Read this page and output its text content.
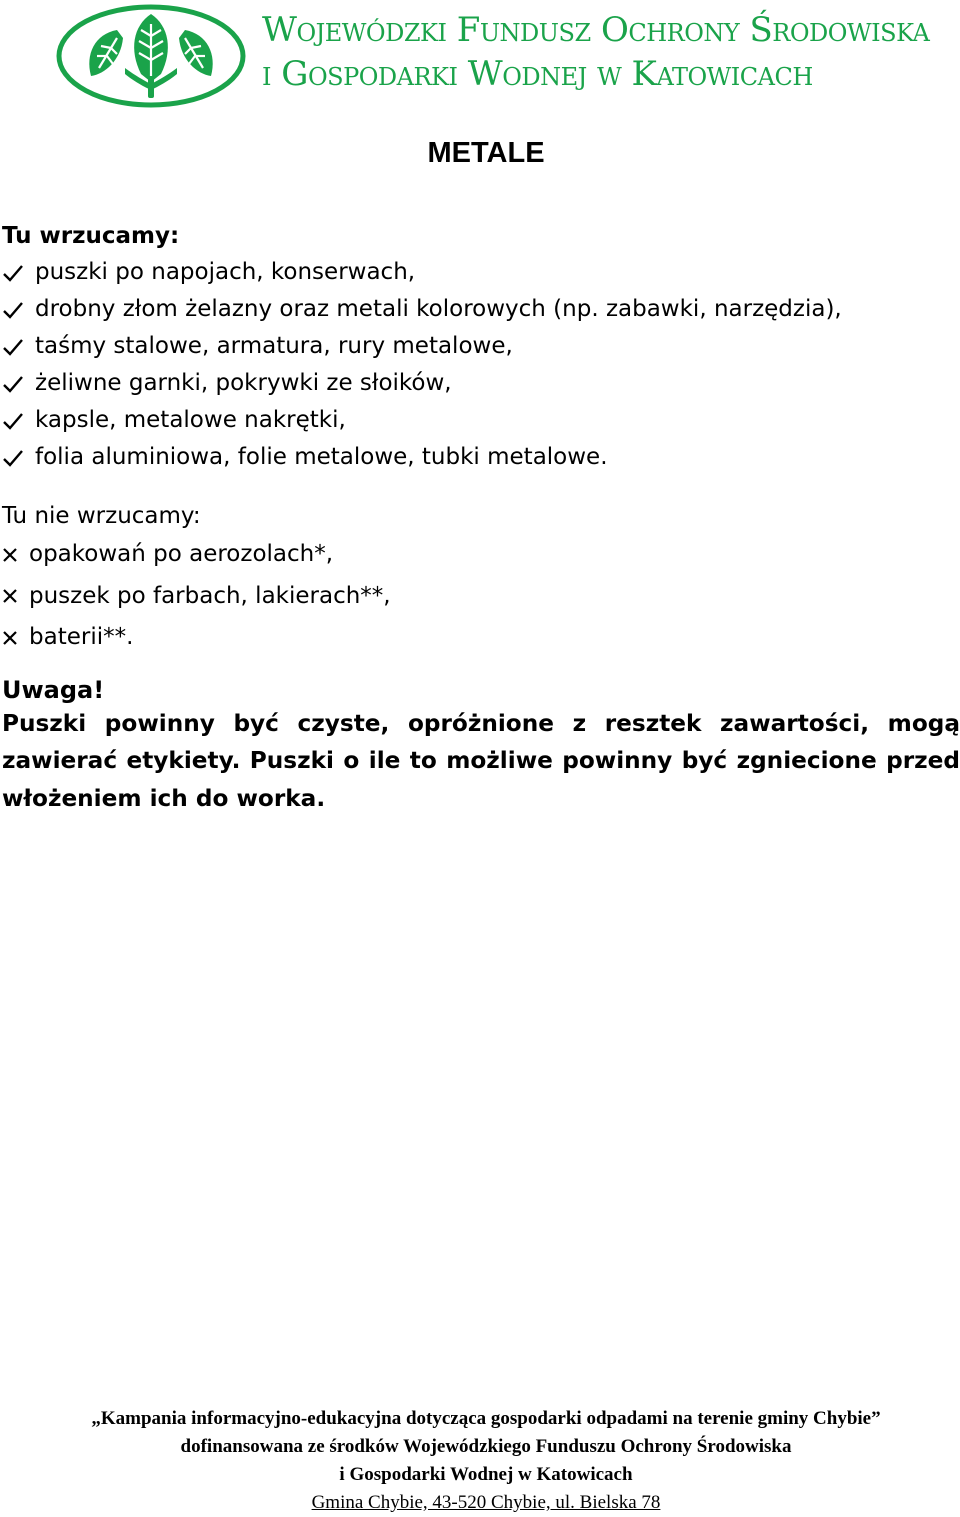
Wojewódzki Fundusz Ochrony Środowiska
i Gospodarki Wodnej w Katowicach
METALE

Tu wrzucamy:

puszki po napojach, konserwach,
drobny złom żelazny oraz metali kolorowych (np. zabawki, narzędzia),
taśmy stalowe, armatura, rury metalowe,
żeliwne garnki, pokrywki ze słoików,
kapsle, metalowe nakrętki,
folia aluminiowa, folie metalowe, tubki metalowe.

Tu nie wrzucamy:

opakowań po aerozolach*,
puszek po farbach, lakierach**,
baterii**.

Uwaga!

Puszki powinny być czyste, opróżnione z resztek zawartości, mogą zawierać etykiety. Puszki o ile to możliwe powinny być zgniecione przed włożeniem ich do worka.

„Kampania informacyjno-edukacyjna dotycząca gospodarki odpadami na terenie gminy Chybie”
dofinansowana ze środków Wojewódzkiego Funduszu Ochrony Środowiska
i Gospodarki Wodnej w Katowicach
Gmina Chybie, 43-520 Chybie, ul. Bielska 78
